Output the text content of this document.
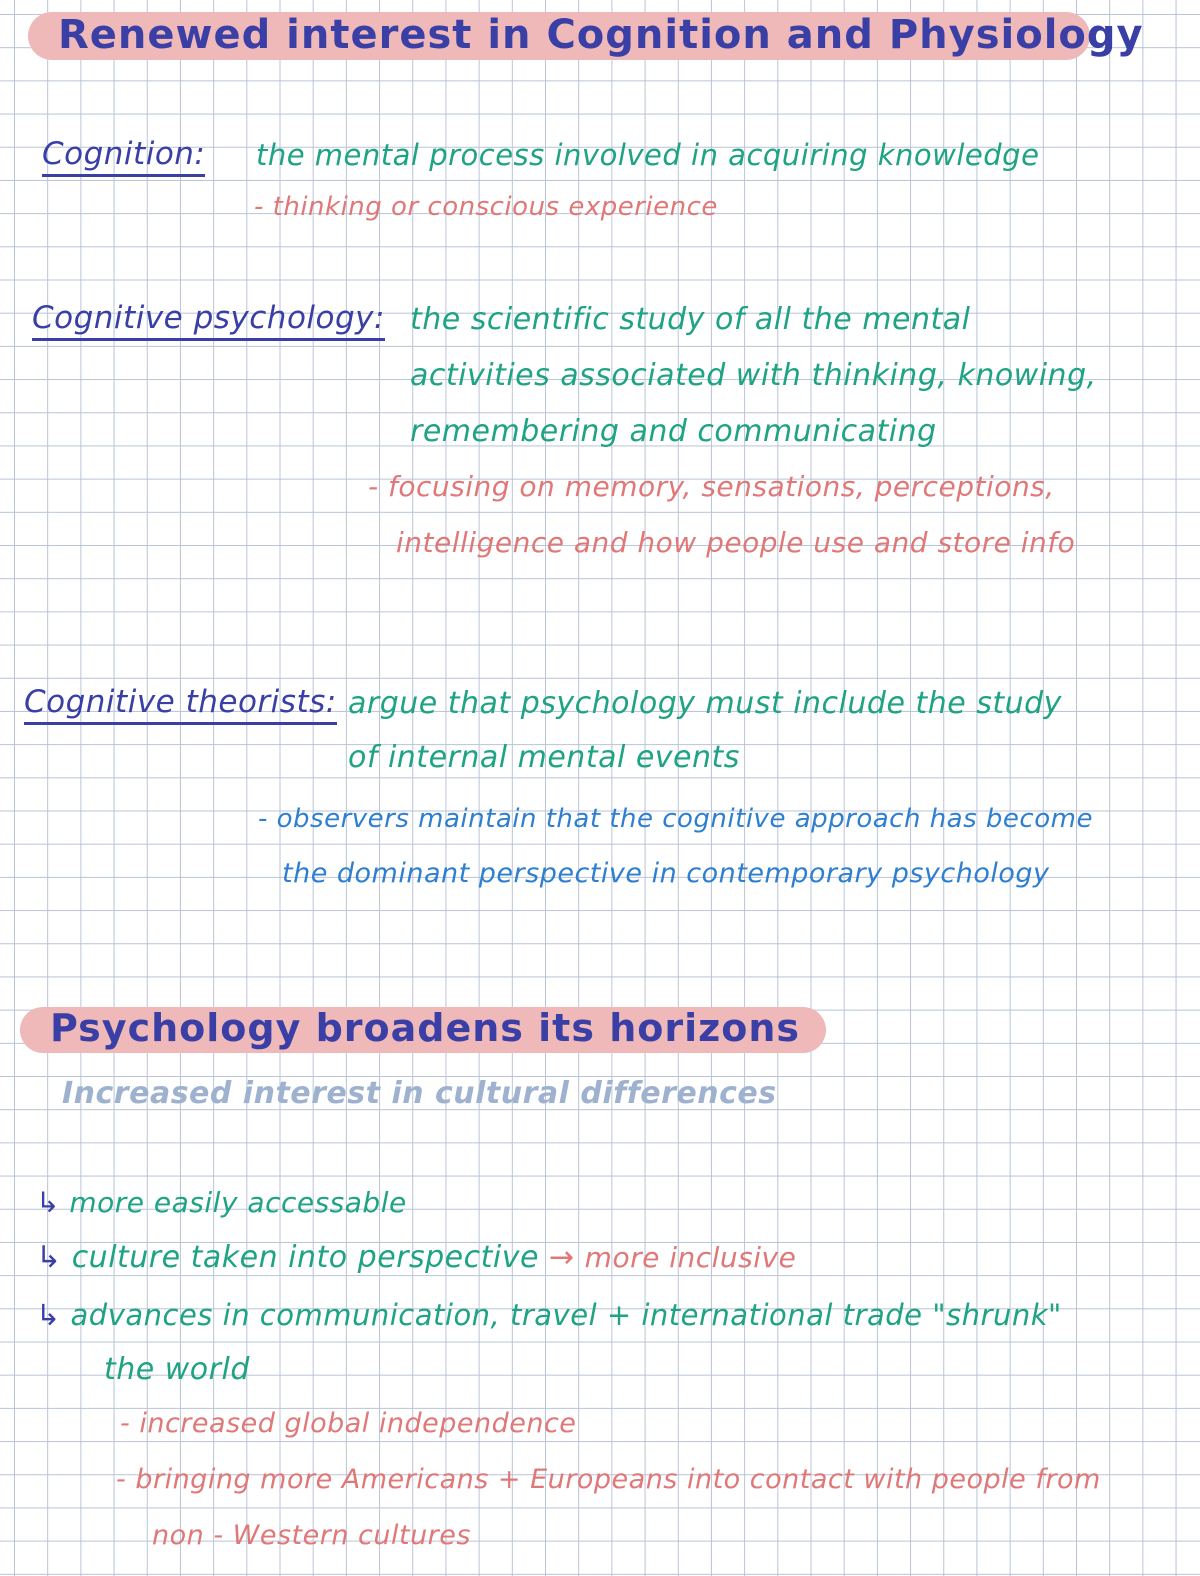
Renewed interest in Cognition and Physiology
Cognition: the mental process involved in acquiring knowledge
- thinking or conscious experience
Cognitive psychology: the scientific study of all the mental
activities associated with thinking, knowing,
remembering and communicating
- focusing on memory, sensations, perceptions,
intelligence and how people use and store info
Cognitive theorists: argue that psychology must include the study
of internal mental events
- observers maintain that the cognitive approach has become
the dominant perspective in contemporary psychology
Psychology broadens its horizons
Increased interest in cultural differences
↳ more easily accessable
↳ culture taken into perspective → more inclusive
↳ advances in communication, travel + international trade "shrunk"
the world
- increased global independence
- bringing more Americans + Europeans into contact with people from
non - Western cultures
